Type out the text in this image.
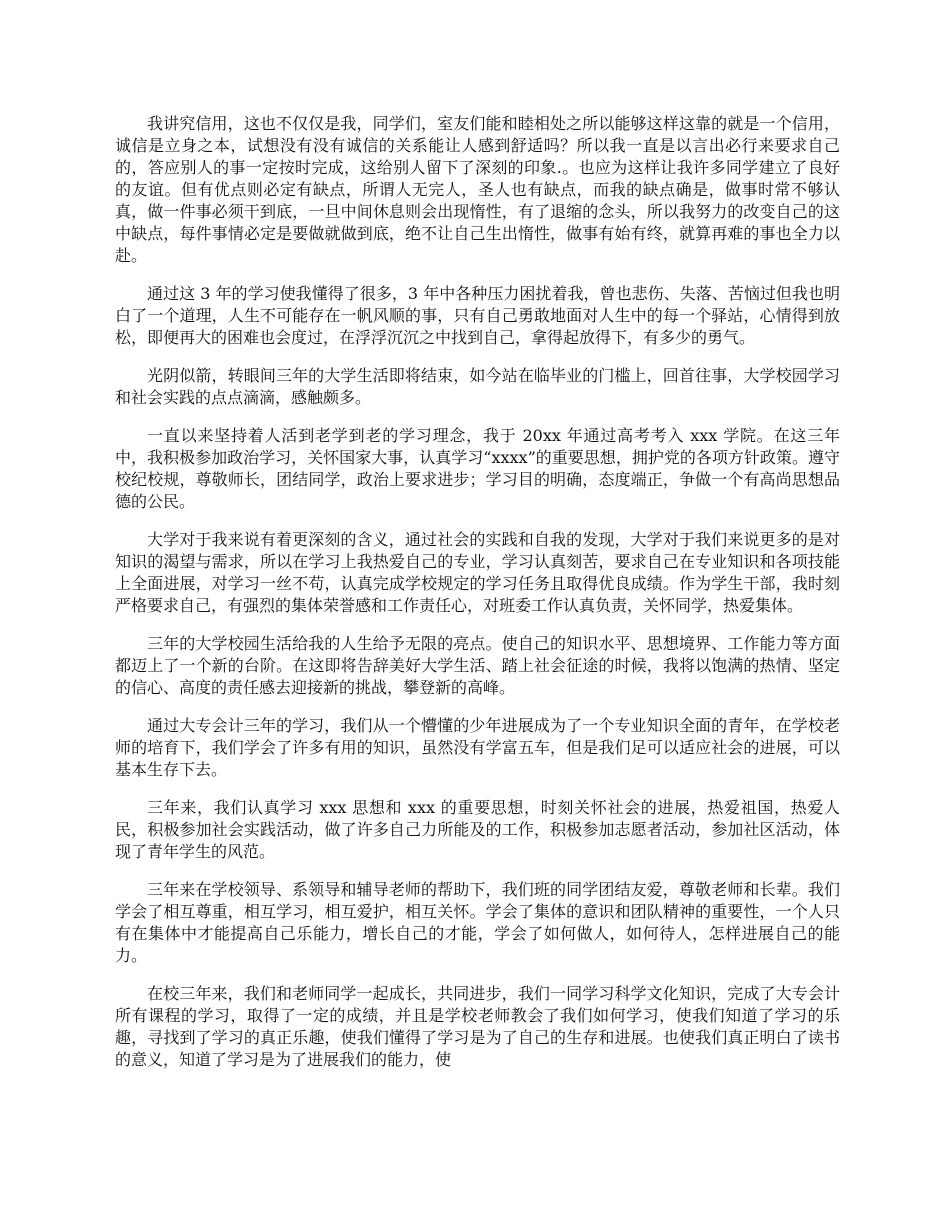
我讲究信用，这也不仅仅是我，同学们，室友们能和睦相处之所以能够这样这靠的就是一个信用，诚信是立身之本，试想没有没有诚信的关系能让人感到舒适吗？所以我一直是以言出必行来要求自己的，答应别人的事一定按时完成，这给别人留下了深刻的印象.。也应为这样让我许多同学建立了良好的友谊。但有优点则必定有缺点，所谓人无完人，圣人也有缺点，而我的缺点确是，做事时常不够认真，做一件事必须干到底，一旦中间休息则会出现惰性，有了退缩的念头，所以我努力的改变自己的这中缺点，每件事情必定是要做就做到底，绝不让自己生出惰性，做事有始有终，就算再难的事也全力以赴。

通过这 3 年的学习使我懂得了很多，3 年中各种压力困扰着我，曾也悲伤、失落、苦恼过但我也明白了一个道理，人生不可能存在一帆风顺的事，只有自己勇敢地面对人生中的每一个驿站，心情得到放松，即便再大的困难也会度过，在浮浮沉沉之中找到自己，拿得起放得下，有多少的勇气。

光阴似箭，转眼间三年的大学生活即将结束，如今站在临毕业的门槛上，回首往事，大学校园学习和社会实践的点点滴滴，感触颇多。

一直以来坚持着人活到老学到老的学习理念，我于 20xx 年通过高考考入 xxx 学院。在这三年中，我积极参加政治学习，关怀国家大事，认真学习“xxxx”的重要思想，拥护党的各项方针政策。遵守校纪校规，尊敬师长，团结同学，政治上要求进步；学习目的明确，态度端正，争做一个有高尚思想品德的公民。

大学对于我来说有着更深刻的含义，通过社会的实践和自我的发现，大学对于我们来说更多的是对知识的渴望与需求，所以在学习上我热爱自己的专业，学习认真刻苦，要求自己在专业知识和各项技能上全面进展，对学习一丝不苟，认真完成学校规定的学习任务且取得优良成绩。作为学生干部，我时刻严格要求自己，有强烈的集体荣誉感和工作责任心，对班委工作认真负责，关怀同学，热爱集体。

三年的大学校园生活给我的人生给予无限的亮点。使自己的知识水平、思想境界、工作能力等方面都迈上了一个新的台阶。在这即将告辞美好大学生活、踏上社会征途的时候，我将以饱满的热情、坚定的信心、高度的责任感去迎接新的挑战，攀登新的高峰。

通过大专会计三年的学习，我们从一个懵懂的少年进展成为了一个专业知识全面的青年，在学校老师的培育下，我们学会了许多有用的知识，虽然没有学富五车，但是我们足可以适应社会的进展，可以基本生存下去。

三年来，我们认真学习 xxx 思想和 xxx 的重要思想，时刻关怀社会的进展，热爱祖国，热爱人民，积极参加社会实践活动，做了许多自己力所能及的工作，积极参加志愿者活动，参加社区活动，体现了青年学生的风范。

三年来在学校领导、系领导和辅导老师的帮助下，我们班的同学团结友爱，尊敬老师和长辈。我们学会了相互尊重，相互学习，相互爱护，相互关怀。学会了集体的意识和团队精神的重要性，一个人只有在集体中才能提高自己乐能力，增长自己的才能，学会了如何做人，如何待人，怎样进展自己的能力。

在校三年来，我们和老师同学一起成长，共同进步，我们一同学习科学文化知识，完成了大专会计所有课程的学习，取得了一定的成绩，并且是学校老师教会了我们如何学习，使我们知道了学习的乐趣，寻找到了学习的真正乐趣，使我们懂得了学习是为了自己的生存和进展。也使我们真正明白了读书的意义，知道了学习是为了进展我们的能力，使
